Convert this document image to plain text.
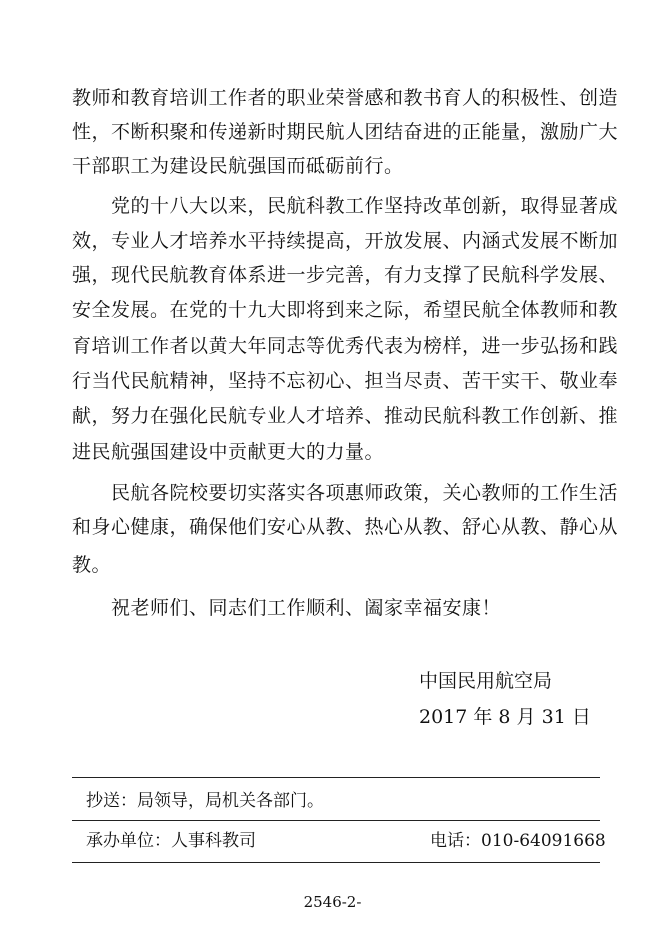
教师和教育培训工作者的职业荣誉感和教书育人的积极性、创造
性，不断积聚和传递新时期民航人团结奋进的正能量，激励广大
干部职工为建设民航强国而砥砺前行。
　　党的十八大以来，民航科教工作坚持改革创新，取得显著成
效，专业人才培养水平持续提高，开放发展、内涵式发展不断加
强，现代民航教育体系进一步完善，有力支撑了民航科学发展、
安全发展。在党的十九大即将到来之际，希望民航全体教师和教
育培训工作者以黄大年同志等优秀代表为榜样，进一步弘扬和践
行当代民航精神，坚持不忘初心、担当尽责、苦干实干、敬业奉
献，努力在强化民航专业人才培养、推动民航科教工作创新、推
进民航强国建设中贡献更大的力量。
　　民航各院校要切实落实各项惠师政策，关心教师的工作生活
和身心健康，确保他们安心从教、热心从教、舒心从教、静心从
教。
　　祝老师们、同志们工作顺利、阖家幸福安康！
中国民用航空局
2017 年 8 月 31 日
抄送：局领导，局机关各部门。
承办单位：人事科教司	电话：010-64091668
2546-2-
